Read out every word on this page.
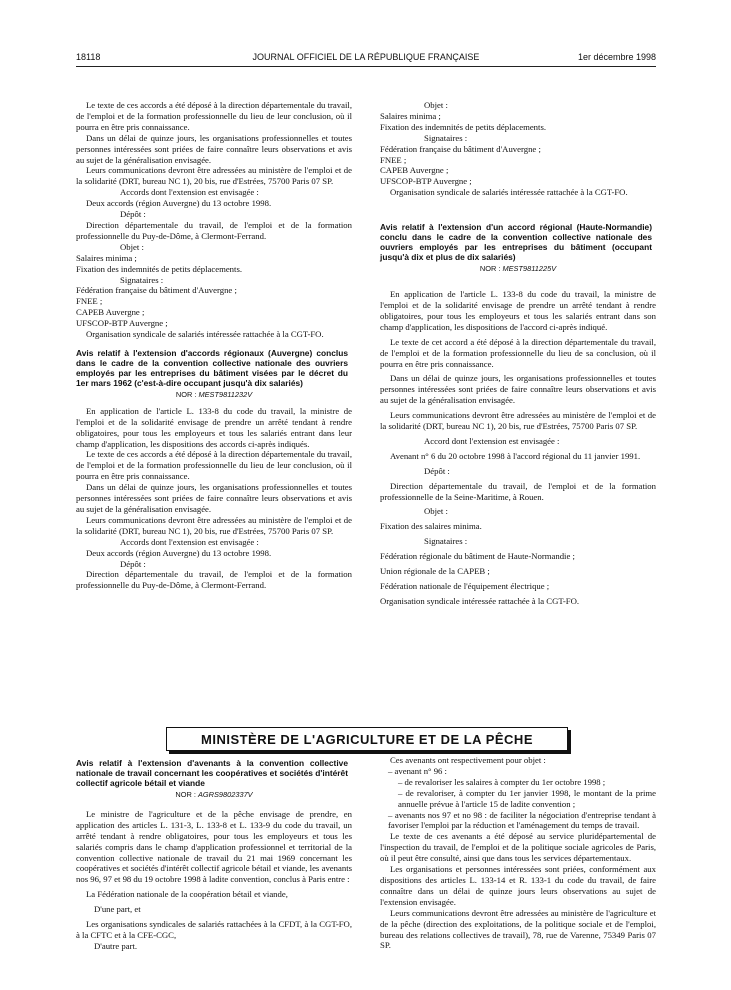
18118	JOURNAL OFFICIEL DE LA RÉPUBLIQUE FRANÇAISE	1er décembre 1998

Le texte de ces accords a été déposé à la direction départementale du travail, de l'emploi et de la formation professionnelle du lieu de leur conclusion, où il pourra en être pris connaissance.

Dans un délai de quinze jours, les organisations professionnelles et toutes personnes intéressées sont priées de faire connaître leurs observations et avis au sujet de la généralisation envisagée.

Leurs communications devront être adressées au ministère de l'emploi et de la solidarité (DRT, bureau NC 1), 20 bis, rue d'Estrées, 75700 Paris 07 SP.

Accords dont l'extension est envisagée :

Deux accords (région Auvergne) du 13 octobre 1998.

Dépôt :

Direction départementale du travail, de l'emploi et de la formation professionnelle du Puy-de-Dôme, à Clermont-Ferrand.

Objet :

Salaires minima ;

Fixation des indemnités de petits déplacements.

Signataires :

Fédération française du bâtiment d'Auvergne ;

FNEE ;

CAPEB Auvergne ;

UFSCOP-BTP Auvergne ;

Organisation syndicale de salariés intéressée rattachée à la CGT-FO.

Avis relatif à l'extension d'accords régionaux (Auvergne) conclus dans le cadre de la convention collective nationale des ouvriers employés par les entreprises du bâtiment visées par le décret du 1er mars 1962 (c'est-à-dire occupant jusqu'à dix salariés)
NOR : MEST9811232V

En application de l'article L. 133-8 du code du travail, la ministre de l'emploi et de la solidarité envisage de prendre un arrêté tendant à rendre obligatoires, pour tous les employeurs et tous les salariés entrant dans leur champ d'application, les dispositions des accords ci-après indiqués.

Le texte de ces accords a été déposé à la direction départementale du travail, de l'emploi et de la formation professionnelle du lieu de leur conclusion, où il pourra en être pris connaissance.

Dans un délai de quinze jours, les organisations professionnelles et toutes personnes intéressées sont priées de faire connaître leurs observations et avis au sujet de la généralisation envisagée.

Leurs communications devront être adressées au ministère de l'emploi et de la solidarité (DRT, bureau NC 1), 20 bis, rue d'Estrées, 75700 Paris 07 SP.

Accords dont l'extension est envisagée :

Deux accords (région Auvergne) du 13 octobre 1998.

Dépôt :

Direction départementale du travail, de l'emploi et de la formation professionnelle du Puy-de-Dôme, à Clermont-Ferrand.

Objet :

Salaires minima ;

Fixation des indemnités de petits déplacements.

Signataires :

Fédération française du bâtiment d'Auvergne ;

FNEE ;

CAPEB Auvergne ;

UFSCOP-BTP Auvergne ;

Organisation syndicale de salariés intéressée rattachée à la CGT-FO.

Avis relatif à l'extension d'un accord régional (Haute-Normandie) conclu dans le cadre de la convention collective nationale des ouvriers employés par les entreprises du bâtiment (occupant jusqu'à dix et plus de dix salariés)
NOR : MEST9811225V

En application de l'article L. 133-8 du code du travail, la ministre de l'emploi et de la solidarité envisage de prendre un arrêté tendant à rendre obligatoires, pour tous les employeurs et tous les salariés entrant dans son champ d'application, les dispositions de l'accord ci-après indiqué.

Le texte de cet accord a été déposé à la direction départementale du travail, de l'emploi et de la formation professionnelle du lieu de sa conclusion, où il pourra en être pris connaissance.

Dans un délai de quinze jours, les organisations professionnelles et toutes personnes intéressées sont priées de faire connaître leurs observations et avis au sujet de la généralisation envisagée.

Leurs communications devront être adressées au ministère de l'emploi et de la solidarité (DRT, bureau NC 1), 20 bis, rue d'Estrées, 75700 Paris 07 SP.

Accord dont l'extension est envisagée :

Avenant n° 6 du 20 octobre 1998 à l'accord régional du 11 janvier 1991.

Dépôt :

Direction départementale du travail, de l'emploi et de la formation professionnelle de la Seine-Maritime, à Rouen.

Objet :

Fixation des salaires minima.

Signataires :

Fédération régionale du bâtiment de Haute-Normandie ;

Union régionale de la CAPEB ;

Fédération nationale de l'équipement électrique ;

Organisation syndicale intéressée rattachée à la CGT-FO.

MINISTÈRE DE L'AGRICULTURE ET DE LA PÊCHE
Avis relatif à l'extension d'avenants à la convention collective nationale de travail concernant les coopératives et sociétés d'intérêt collectif agricole bétail et viande
NOR : AGRS9802337V

Le ministre de l'agriculture et de la pêche envisage de prendre, en application des articles L. 131-3, L. 133-8 et L. 133-9 du code du travail, un arrêté tendant à rendre obligatoires, pour tous les employeurs et tous les salariés compris dans le champ d'application professionnel et territorial de la convention collective nationale de travail du 21 mai 1969 concernant les coopératives et sociétés d'intérêt collectif agricole bétail et viande, les avenants nos 96, 97 et 98 du 19 octobre 1998 à ladite convention, conclus à Paris entre :

La Fédération nationale de la coopération bétail et viande,

D'une part, et

Les organisations syndicales de salariés rattachées à la CFDT, à la CGT-FO, à la CFTC et à la CFE-CGC,

D'autre part.

Ces avenants ont respectivement pour objet :

– avenant n° 96 :

– de revaloriser les salaires à compter du 1er octobre 1998 ;

– de revaloriser, à compter du 1er janvier 1998, le montant de la prime annuelle prévue à l'article 15 de ladite convention ;

– avenants nos 97 et no 98 : de faciliter la négociation d'entreprise tendant à favoriser l'emploi par la réduction et l'aménagement du temps de travail.

Le texte de ces avenants a été déposé au service pluridépartemental de l'inspection du travail, de l'emploi et de la politique sociale agricoles de Paris, où il peut être consulté, ainsi que dans tous les services départementaux.

Les organisations et personnes intéressées sont priées, conformément aux dispositions des articles L. 133-14 et R. 133-1 du code du travail, de faire connaître dans un délai de quinze jours leurs observations au sujet de l'extension envisagée.

Leurs communications devront être adressées au ministère de l'agriculture et de la pêche (direction des exploitations, de la politique sociale et de l'emploi, bureau des relations collectives de travail), 78, rue de Varenne, 75349 Paris 07 SP.
